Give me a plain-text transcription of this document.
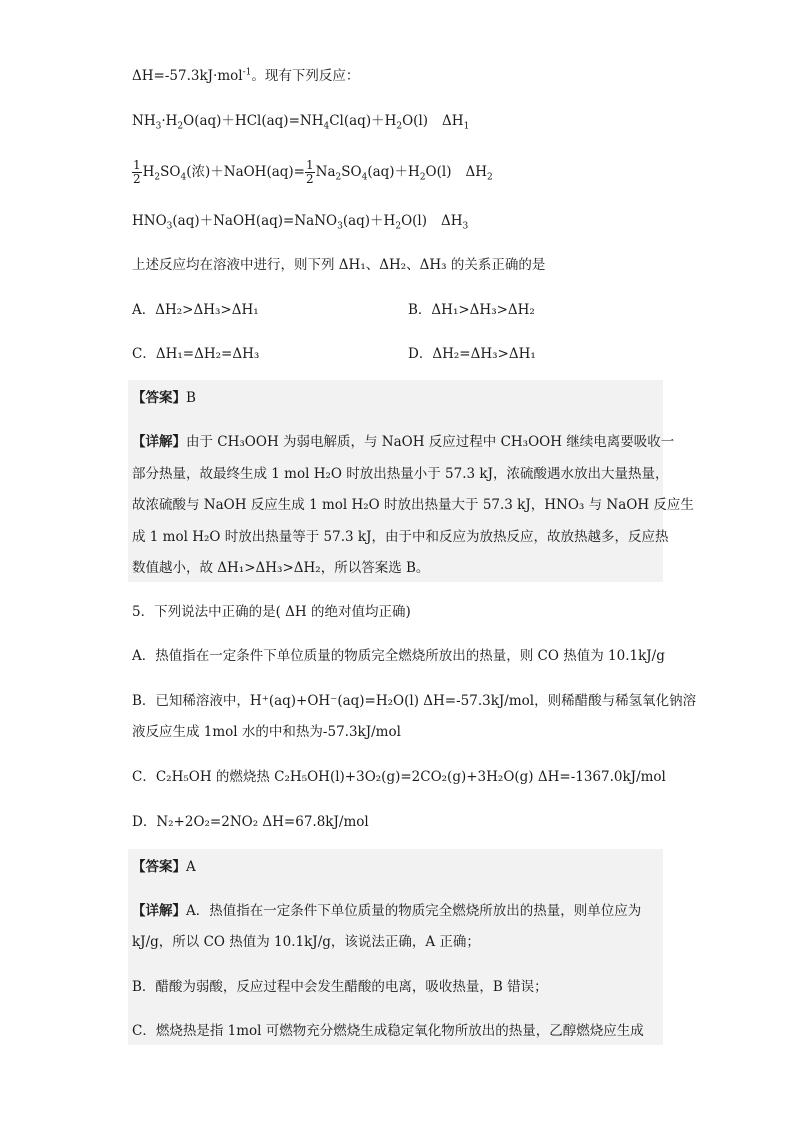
ΔH=-57.3kJ·mol$^{-1}$。现有下列反应：
$NH_3\cdot H_2O(aq)+HCl(aq)=NH_4Cl(aq)+H_2O(l)$ $\Delta H_1$
$\frac{1}{2} H_2SO_4$(浓)＋NaOH(aq)= $\frac{1}{2} Na_2SO_4(aq)+H_2O(l)$ $\Delta H_2$
$HNO_3(aq)+NaOH(aq)=NaNO_3(aq)+H_2O(l)$ $\Delta H_3$
上述反应均在溶液中进行，则下列 ΔH₁、ΔH₂、ΔH₃ 的关系正确的是
A．ΔH₂>ΔH₃>ΔH₁	B．ΔH₁>ΔH₃>ΔH₂
C．ΔH₁=ΔH₂=ΔH₃	D．ΔH₂=ΔH₃>ΔH₁
【答案】B
【详解】由于 CH₃OOH 为弱电解质，与 NaOH 反应过程中 CH₃OOH 继续电离要吸收一
部分热量，故最终生成 1 mol H₂O 时放出热量小于 57.3 kJ，浓硫酸遇水放出大量热量，
故浓硫酸与 NaOH 反应生成 1 mol H₂O 时放出热量大于 57.3 kJ，HNO₃ 与 NaOH 反应生
成 1 mol H₂O 时放出热量等于 57.3 kJ，由于中和反应为放热反应，故放热越多，反应热
数值越小，故 ΔH₁>ΔH₃>ΔH₂，所以答案选 B。
5．下列说法中正确的是( ΔH 的绝对值均正确)
A．热值指在一定条件下单位质量的物质完全燃烧所放出的热量，则 CO 热值为 10.1kJ/g
B．已知稀溶液中，H⁺(aq)+OH⁻(aq)=H₂O(l) ΔH=-57.3kJ/mol，则稀醋酸与稀氢氧化钠溶
液反应生成 1mol 水的中和热为-57.3kJ/mol
C．C₂H₅OH 的燃烧热 C₂H₅OH(l)+3O₂(g)=2CO₂(g)+3H₂O(g) ΔH=-1367.0kJ/mol
D．N₂+2O₂=2NO₂ ΔH=67.8kJ/mol
【答案】A
【详解】A．热值指在一定条件下单位质量的物质完全燃烧所放出的热量，则单位应为
kJ/g，所以 CO 热值为 10.1kJ/g，该说法正确，A 正确；
B．醋酸为弱酸，反应过程中会发生醋酸的电离，吸收热量，B 错误；
C．燃烧热是指 1mol 可燃物充分燃烧生成稳定氧化物所放出的热量，乙醇燃烧应生成
